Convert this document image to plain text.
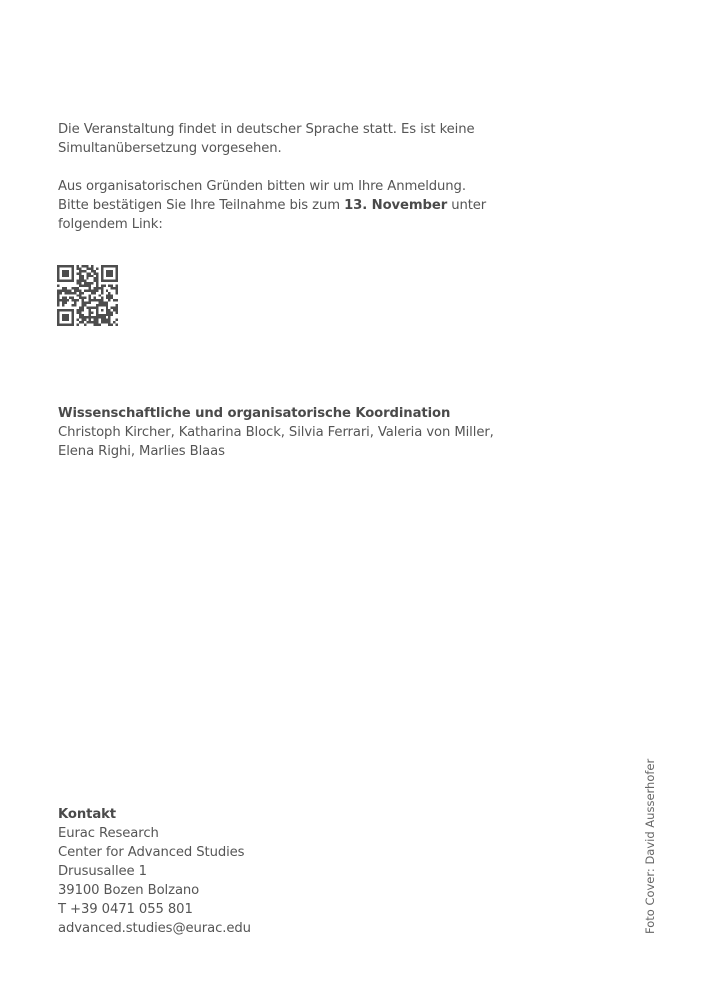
Die Veranstaltung findet in deutscher Sprache statt. Es ist keine
Simultanübersetzung vorgesehen.
Aus organisatorischen Gründen bitten wir um Ihre Anmeldung.
Bitte bestätigen Sie Ihre Teilnahme bis zum 13. November unter
folgendem Link:
Wissenschaftliche und organisatorische Koordination
Christoph Kircher, Katharina Block, Silvia Ferrari, Valeria von Miller,
Elena Righi, Marlies Blaas
Kontakt
Eurac Research
Center for Advanced Studies
Drususallee 1
39100 Bozen Bolzano
T +39 0471 055 801
advanced.studies@eurac.edu	Foto Cover: David Ausserhofer
